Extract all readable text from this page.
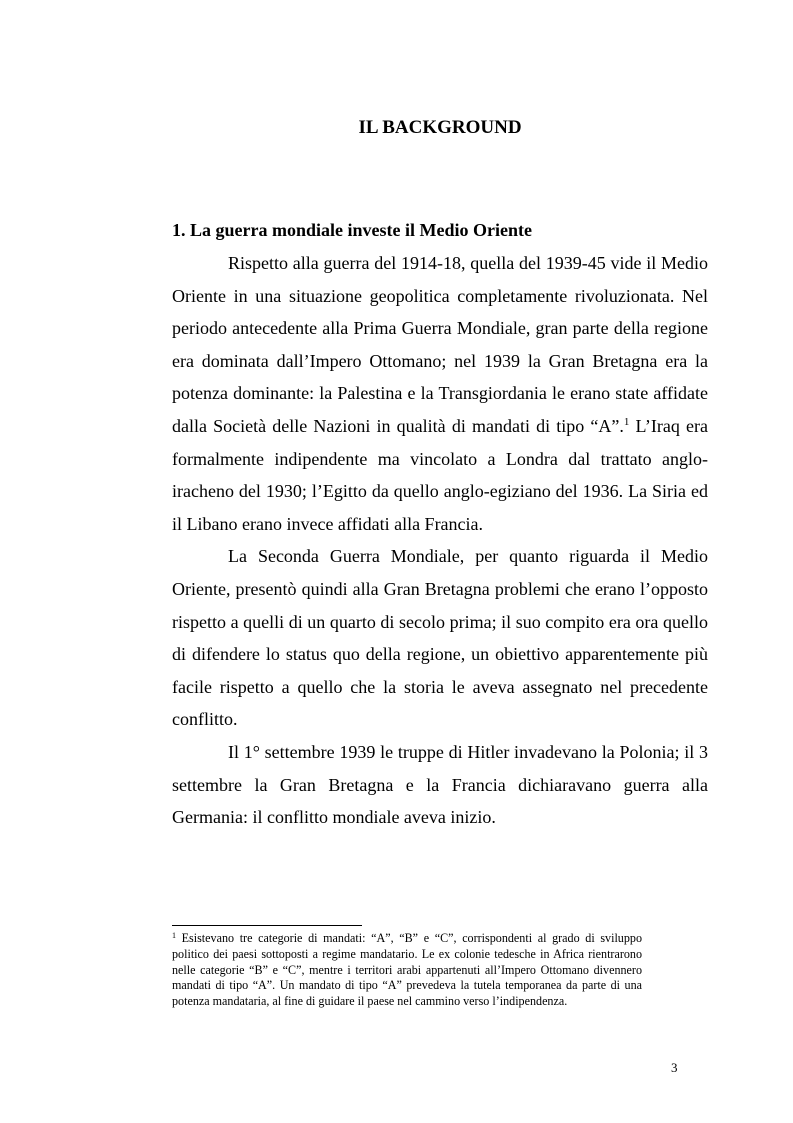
IL BACKGROUND
1. La guerra mondiale investe il Medio Oriente

Rispetto alla guerra del 1914-18, quella del 1939-45 vide il Medio Oriente in una situazione geopolitica completamente rivoluzionata. Nel periodo antecedente alla Prima Guerra Mondiale, gran parte della regione era dominata dall’Impero Ottomano; nel 1939 la Gran Bretagna era la potenza dominante: la Palestina e la Transgiordania le erano state affidate dalla Società delle Nazioni in qualità di mandati di tipo “A”.$^1$ L’Iraq era formalmente indipendente ma vincolato a Londra dal trattato anglo-iracheno del 1930; l’Egitto da quello anglo-egiziano del 1936. La Siria ed il Libano erano invece affidati alla Francia.

La Seconda Guerra Mondiale, per quanto riguarda il Medio Oriente, presentò quindi alla Gran Bretagna problemi che erano l’opposto rispetto a quelli di un quarto di secolo prima; il suo compito era ora quello di difendere lo status quo della regione, un obiettivo apparentemente più facile rispetto a quello che la storia le aveva assegnato nel precedente conflitto.

Il 1° settembre 1939 le truppe di Hitler invadevano la Polonia; il 3 settembre la Gran Bretagna e la Francia dichiaravano guerra alla Germania: il conflitto mondiale aveva inizio.

$^1$ Esistevano tre categorie di mandati: “A”, “B” e “C”, corrispondenti al grado di sviluppo politico dei paesi sottoposti a regime mandatario. Le ex colonie tedesche in Africa rientrarono nelle categorie “B” e “C”, mentre i territori arabi appartenuti all’Impero Ottomano divennero mandati di tipo “A”. Un mandato di tipo “A” prevedeva la tutela temporanea da parte di una potenza mandataria, al fine di guidare il paese nel cammino verso l’indipendenza.

3
